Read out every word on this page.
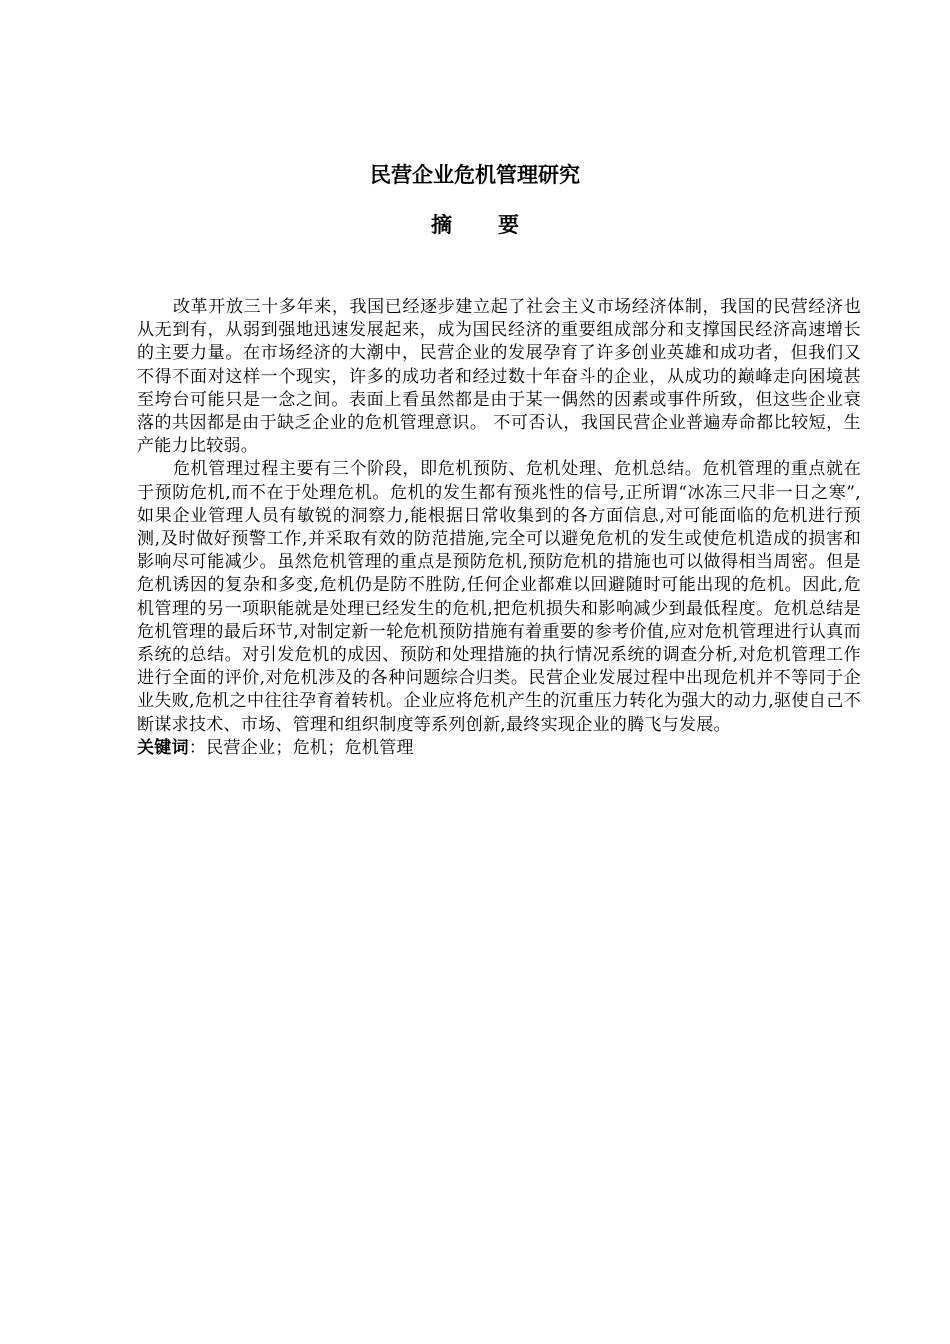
民营企业危机管理研究
摘 要

改革开放三十多年来，我国已经逐步建立起了社会主义市场经济体制，我国的民营经济也从无到有，从弱到强地迅速发展起来，成为国民经济的重要组成部分和支撑国民经济高速增长的主要力量。在市场经济的大潮中，民营企业的发展孕育了许多创业英雄和成功者，但我们又不得不面对这样一个现实，许多的成功者和经过数十年奋斗的企业，从成功的巅峰走向困境甚至垮台可能只是一念之间。表面上看虽然都是由于某一偶然的因素或事件所致，但这些企业衰落的共因都是由于缺乏企业的危机管理意识。 不可否认，我国民营企业普遍寿命都比较短，生产能力比较弱。

危机管理过程主要有三个阶段，即危机预防、危机处理、危机总结。危机管理的重点就在于预防危机,而不在于处理危机。危机的发生都有预兆性的信号,正所谓“冰冻三尺非一日之寒”,如果企业管理人员有敏锐的洞察力,能根据日常收集到的各方面信息,对可能面临的危机进行预测,及时做好预警工作,并采取有效的防范措施,完全可以避免危机的发生或使危机造成的损害和影响尽可能减少。虽然危机管理的重点是预防危机,预防危机的措施也可以做得相当周密。但是危机诱因的复杂和多变,危机仍是防不胜防,任何企业都难以回避随时可能出现的危机。因此,危机管理的另一项职能就是处理已经发生的危机,把危机损失和影响减少到最低程度。危机总结是危机管理的最后环节,对制定新一轮危机预防措施有着重要的参考价值,应对危机管理进行认真而系统的总结。对引发危机的成因、预防和处理措施的执行情况系统的调查分析,对危机管理工作进行全面的评价,对危机涉及的各种问题综合归类。民营企业发展过程中出现危机并不等同于企业失败,危机之中往往孕育着转机。企业应将危机产生的沉重压力转化为强大的动力,驱使自己不断谋求技术、市场、管理和组织制度等系列创新,最终实现企业的腾飞与发展。

关键词：民营企业；危机；危机管理
